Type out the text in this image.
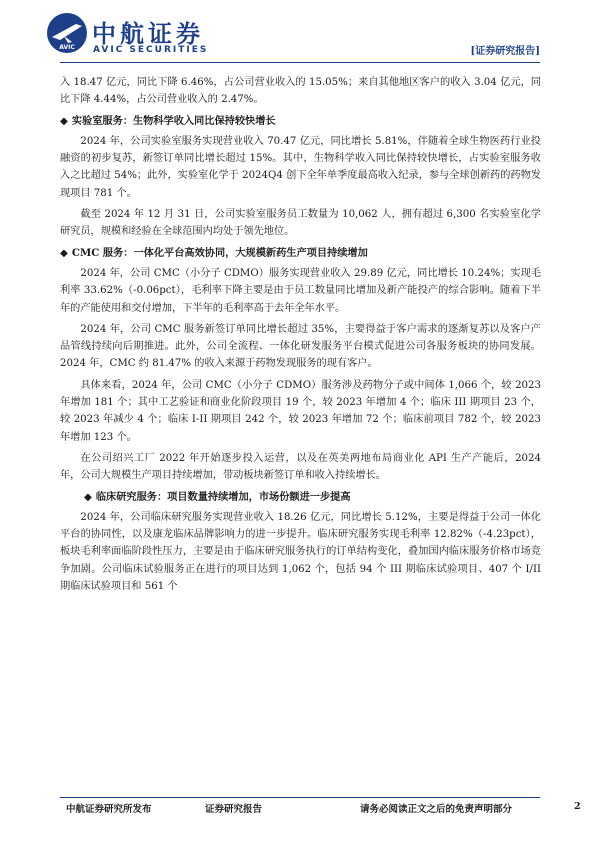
AVIC 中航证券
AVIC SECURITIES	[证券研究报告]

入 18.47 亿元，同比下降 6.46%，占公司营业收入的 15.05%；来自其他地区客户的收入 3.04 亿元，同比下降 4.44%，占公司营业收入的 2.47%。

◆ 实验室服务：生物科学收入同比保持较快增长

2024 年，公司实验室服务实现营业收入 70.47 亿元，同比增长 5.81%，伴随着全球生物医药行业投融资的初步复苏，新签订单同比增长超过 15%。其中，生物科学收入同比保持较快增长，占实验室服务收入之比超过 54%；此外，实验室化学于 2024Q4 创下全年单季度最高收入纪录，参与全球创新药的药物发现项目 781 个。

截至 2024 年 12 月 31 日，公司实验室服务员工数量为 10,062 人，拥有超过 6,300 名实验室化学研究员，规模和经验在全球范围内均处于领先地位。

◆ CMC 服务：一体化平台高效协同，大规模新药生产项目持续增加

2024 年，公司 CMC（小分子 CDMO）服务实现营业收入 29.89 亿元，同比增长 10.24%；实现毛利率 33.62%（-0.06pct），毛利率下降主要是由于员工数量同比增加及新产能投产的综合影响。随着下半年的产能使用和交付增加，下半年的毛利率高于去年全年水平。

2024 年，公司 CMC 服务新签订单同比增长超过 35%，主要得益于客户需求的逐渐复苏以及客户产品管线持续向后期推进。此外，公司全流程、一体化研发服务平台模式促进公司各服务板块的协同发展。2024 年，CMC 约 81.47% 的收入来源于药物发现服务的现有客户。

具体来看，2024 年，公司 CMC（小分子 CDMO）服务涉及药物分子或中间体 1,066 个，较 2023 年增加 181 个；其中工艺验证和商业化阶段项目 19 个，较 2023 年增加 4 个；临床 III 期项目 23 个，较 2023 年减少 4 个；临床 I-II 期项目 242 个，较 2023 年增加 72 个；临床前项目 782 个，较 2023 年增加 123 个。

在公司绍兴工厂 2022 年开始逐步投入运营，以及在英美两地布局商业化 API 生产产能后，2024 年，公司大规模生产项目持续增加，带动板块新签订单和收入持续增长。

◆ 临床研究服务：项目数量持续增加，市场份额进一步提高

2024 年，公司临床研究服务实现营业收入 18.26 亿元，同比增长 5.12%，主要是得益于公司一体化平台的协同性，以及康龙临床品牌影响力的进一步提升。临床研究服务实现毛利率 12.82%（-4.23pct），板块毛利率面临阶段性压力，主要是由于临床研究服务执行的订单结构变化，叠加国内临床服务价格市场竞争加剧。公司临床试验服务正在进行的项目达到 1,062 个，包括 94 个 III 期临床试验项目、407 个 I/II 期临床试验项目和 561 个

中航证券研究所发布	证券研究报告	请务必阅读正文之后的免责声明部分	2
